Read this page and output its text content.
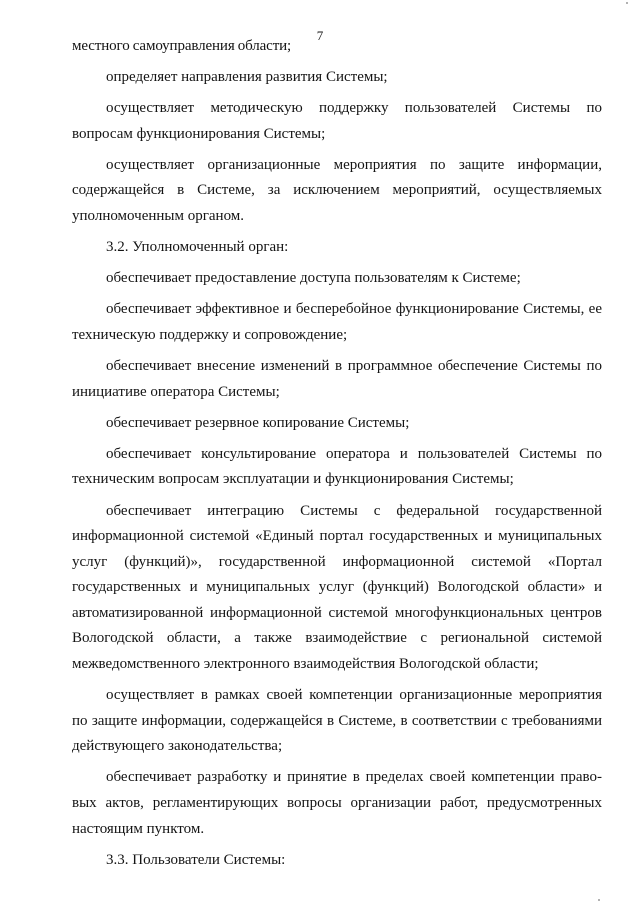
7

местного самоуправления области;

определяет направления развития Системы;

осуществляет методическую поддержку пользователей Системы по вопросам функционирования Системы;

осуществляет организационные мероприятия по защите информации, содержащейся в Системе, за исключением мероприятий, осуществляемых уполномоченным органом.

3.2. Уполномоченный орган:

обеспечивает предоставление доступа пользователям к Системе;

обеспечивает эффективное и бесперебойное функционирование Системы, ее техническую поддержку и сопровождение;

обеспечивает внесение изменений в программное обеспечение Системы по инициативе оператора Системы;

обеспечивает резервное копирование Системы;

обеспечивает консультирование оператора и пользователей Системы по техническим вопросам эксплуатации и функционирования Системы;

обеспечивает интеграцию Системы с федеральной государственной информационной системой «Единый портал государственных и муниципальных услуг (функций)», государственной информационной системой «Портал государственных и муниципальных услуг (функций) Вологодской области» и автоматизированной информационной системой многофункциональных центров Вологодской области, а также взаимодействие с региональной системой межведомственного электронного взаимодействия Вологодской области;

осуществляет в рамках своей компетенции организационные мероприятия по защите информации, содержащейся в Системе, в соответствии с требованиями действующего законодательства;

обеспечивает разработку и принятие в пределах своей компетенции правовых актов, регламентирующих вопросы организации работ, предусмотренных настоящим пунктом.

3.3. Пользователи Системы:
